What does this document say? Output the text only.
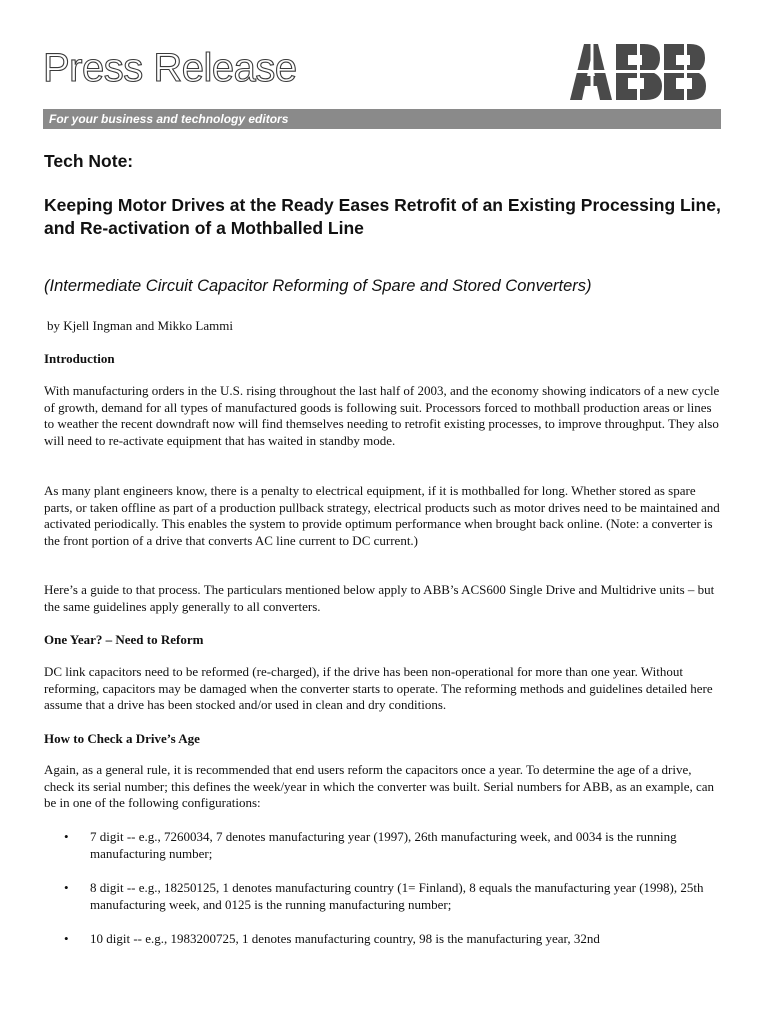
Press Release
For your business and technology editors
Tech Note:
Keeping Motor Drives at the Ready Eases Retrofit of an Existing Processing Line, and Re-activation of a Mothballed Line

(Intermediate Circuit Capacitor Reforming of Spare and Stored Converters)

by Kjell Ingman and Mikko Lammi

Introduction

With manufacturing orders in the U.S. rising throughout the last half of 2003, and the economy showing indicators of a new cycle of growth, demand for all types of manufactured goods is following suit. Processors forced to mothball production areas or lines to weather the recent downdraft now will find themselves needing to retrofit existing processes, to improve throughput. They also will need to re-activate equipment that has waited in standby mode.

As many plant engineers know, there is a penalty to electrical equipment, if it is mothballed for long. Whether stored as spare parts, or taken offline as part of a production pullback strategy, electrical products such as motor drives need to be maintained and activated periodically. This enables the system to provide optimum performance when brought back online. (Note: a converter is the front portion of a drive that converts AC line current to DC current.)

Here’s a guide to that process. The particulars mentioned below apply to ABB’s ACS600 Single Drive and Multidrive units – but the same guidelines apply generally to all converters.

One Year? – Need to Reform

DC link capacitors need to be reformed (re-charged), if the drive has been non-operational for more than one year. Without reforming, capacitors may be damaged when the converter starts to operate. The reforming methods and guidelines detailed here assume that a drive has been stocked and/or used in clean and dry conditions.

How to Check a Drive’s Age

Again, as a general rule, it is recommended that end users reform the capacitors once a year. To determine the age of a drive, check its serial number; this defines the week/year in which the converter was built. Serial numbers for ABB, as an example, can be in one of the following configurations:

• 7 digit -- e.g., 7260034, 7 denotes manufacturing year (1997), 26th manufacturing week, and 0034 is the running manufacturing number;
• 8 digit -- e.g., 18250125, 1 denotes manufacturing country (1= Finland), 8 equals the manufacturing year (1998), 25th manufacturing week, and 0125 is the running manufacturing number;
• 10 digit -- e.g., 1983200725, 1 denotes manufacturing country, 98 is the manufacturing year, 32nd
